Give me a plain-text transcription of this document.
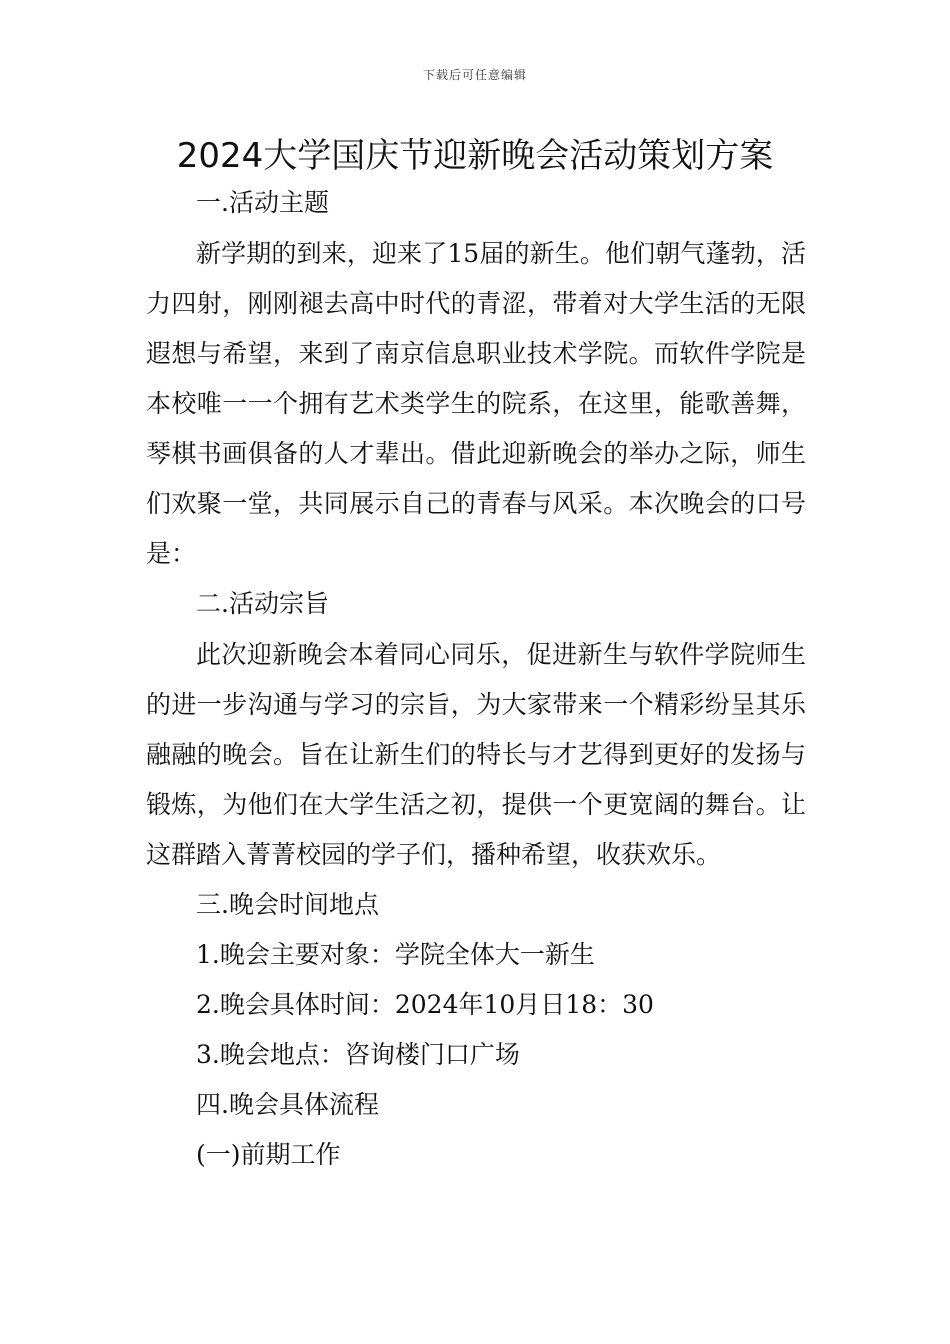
下载后可任意编辑
2024大学国庆节迎新晚会活动策划方案

一.活动主题

新学期的到来，迎来了15届的新生。他们朝气蓬勃，活力四射，刚刚褪去高中时代的青涩，带着对大学生活的无限遐想与希望，来到了南京信息职业技术学院。而软件学院是本校唯一一个拥有艺术类学生的院系，在这里，能歌善舞，琴棋书画俱备的人才辈出。借此迎新晚会的举办之际，师生们欢聚一堂，共同展示自己的青春与风采。本次晚会的口号是：

二.活动宗旨

此次迎新晚会本着同心同乐，促进新生与软件学院师生的进一步沟通与学习的宗旨，为大家带来一个精彩纷呈其乐融融的晚会。旨在让新生们的特长与才艺得到更好的发扬与锻炼，为他们在大学生活之初，提供一个更宽阔的舞台。让这群踏入菁菁校园的学子们，播种希望，收获欢乐。

三.晚会时间地点

1.晚会主要对象：学院全体大一新生

2.晚会具体时间：2024年10月日18：30

3.晚会地点：咨询楼门口广场

四.晚会具体流程

(一)前期工作
